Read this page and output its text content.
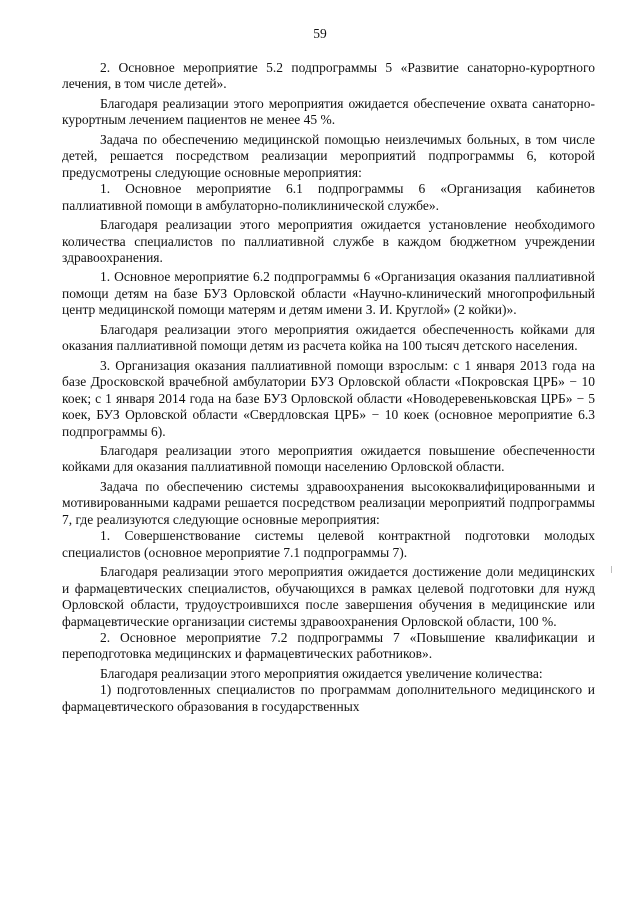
59

2. Основное мероприятие 5.2 подпрограммы 5 «Развитие санаторно-курортного лечения, в том числе детей».

Благодаря реализации этого мероприятия ожидается обеспечение охвата санаторно-курортным лечением пациентов не менее 45 %.

Задача по обеспечению медицинской помощью неизлечимых больных, в том числе детей, решается посредством реализации мероприятий подпрограммы 6, которой предусмотрены следующие основные мероприятия:

1. Основное мероприятие 6.1 подпрограммы 6 «Организация кабинетов паллиативной помощи в амбулаторно-поликлинической службе».

Благодаря реализации этого мероприятия ожидается установление необходимого количества специалистов по паллиативной службе в каждом бюджетном учреждении здравоохранения.

1. Основное мероприятие 6.2 подпрограммы 6 «Организация оказания паллиативной помощи детям на базе БУЗ Орловской области «Научно-клинический многопрофильный центр медицинской помощи матерям и детям имени З. И. Круглой» (2 койки)».

Благодаря реализации этого мероприятия ожидается обеспеченность койками для оказания паллиативной помощи детям из расчета койка на 100 тысяч детского населения.

3. Организация оказания паллиативной помощи взрослым: с 1 января 2013 года на базе Дросковской врачебной амбулатории БУЗ Орловской области «Покровская ЦРБ» − 10 коек; с 1 января 2014 года на базе БУЗ Орловской области «Новодеревеньковская ЦРБ» − 5 коек, БУЗ Орловской области «Свердловская ЦРБ» − 10 коек (основное мероприятие 6.3 подпрограммы 6).

Благодаря реализации этого мероприятия ожидается повышение обеспеченности койками для оказания паллиативной помощи населению Орловской области.

Задача по обеспечению системы здравоохранения высококвалифицированными и мотивированными кадрами решается посредством реализации мероприятий подпрограммы 7, где реализуются следующие основные мероприятия:

1. Совершенствование системы целевой контрактной подготовки молодых специалистов (основное мероприятие 7.1 подпрограммы 7).

Благодаря реализации этого мероприятия ожидается достижение доли медицинских и фармацевтических специалистов, обучающихся в рамках целевой подготовки для нужд Орловской области, трудоустроившихся после завершения обучения в медицинские или фармацевтические организации системы здравоохранения Орловской области, 100 %.

2. Основное мероприятие 7.2 подпрограммы 7 «Повышение квалификации и переподготовка медицинских и фармацевтических работников».

Благодаря реализации этого мероприятия ожидается увеличение количества:

1) подготовленных специалистов по программам дополнительного медицинского и фармацевтического образования в государственных
